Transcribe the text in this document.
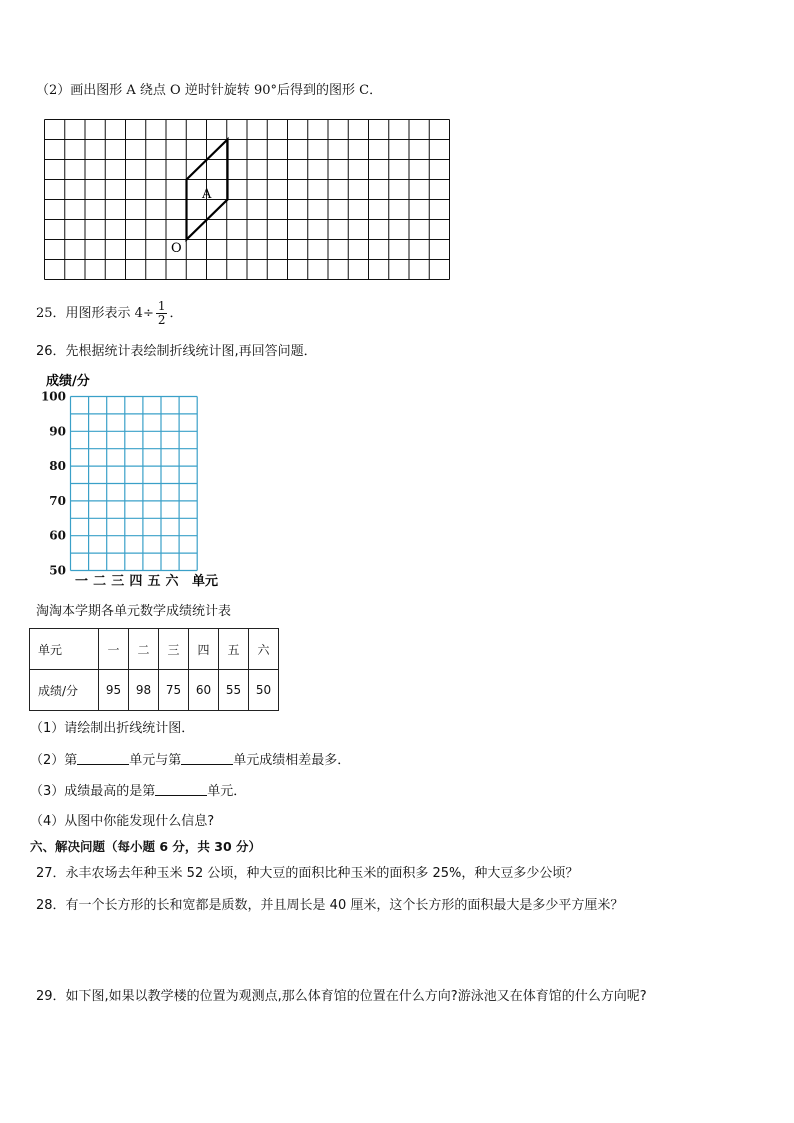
（2）画出图形 A 绕点 O 逆时针旋转 90°后得到的图形 C．
A
O
25．用图形表示 $4\div \frac{1}{2}$ ．
26．先根据统计表绘制折线统计图,再回答问题．
成绩/分
100
90
80
70
60
50
一 二 三 四 五 六 单元
淘淘本学期各单元数学成绩统计表
单元	一	二	三	四	五	六
成绩/分	95	98	75	60	55	50
（1）请绘制出折线统计图．
（2）第	单元与第	单元成绩相差最多．
（3）成绩最高的是第	单元．
（4）从图中你能发现什么信息?
六、解决问题（每小题 6 分，共 30 分）
27．永丰农场去年种玉米 52 公顷，种大豆的面积比种玉米的面积多 25%，种大豆多少公顷？
28．有一个长方形的长和宽都是质数，并且周长是 40 厘米，这个长方形的面积最大是多少平方厘米？
29．如下图,如果以教学楼的位置为观测点,那么体育馆的位置在什么方向?游泳池又在体育馆的什么方向呢?
